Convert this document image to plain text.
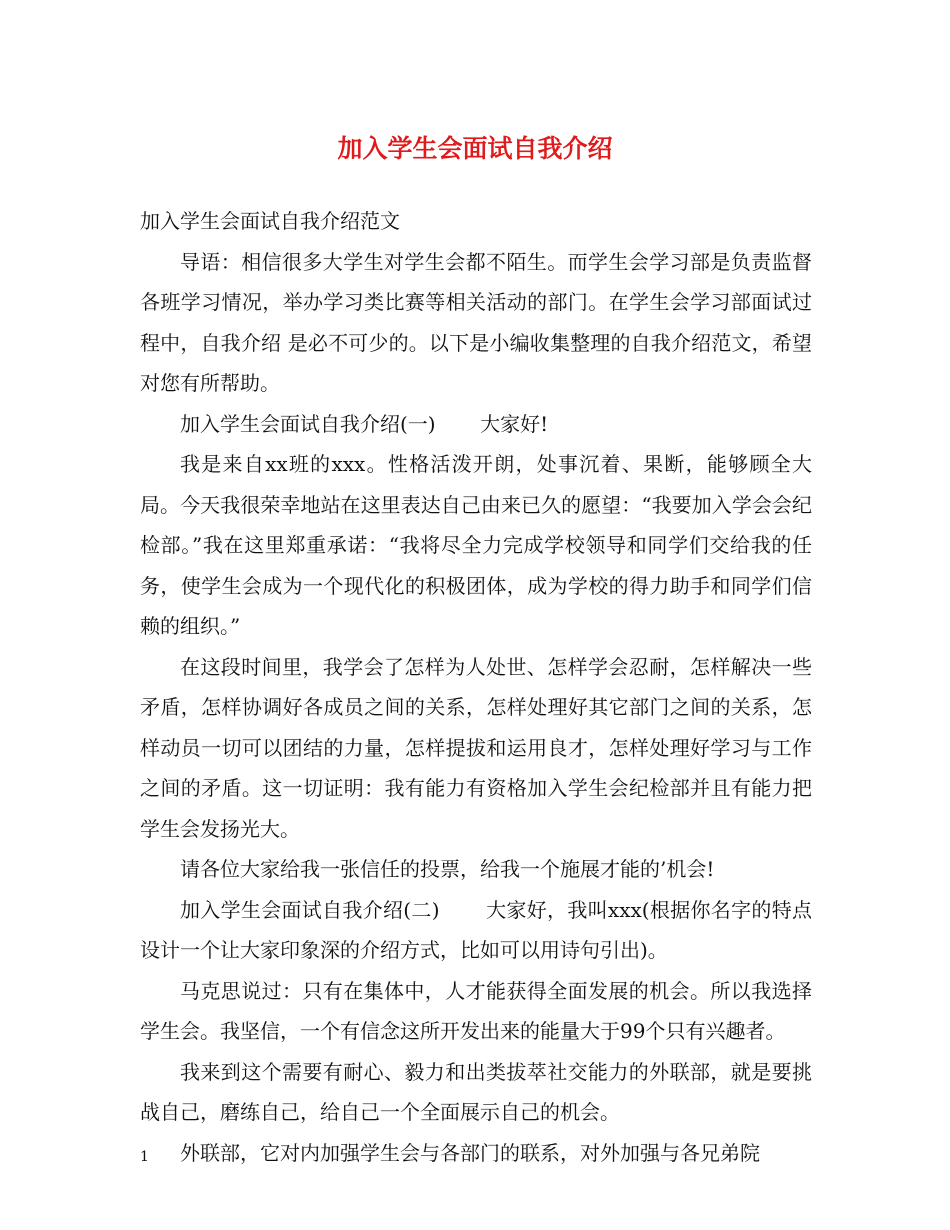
加入学生会面试自我介绍

加入学生会面试自我介绍范文

导语：相信很多大学生对学生会都不陌生。而学生会学习部是负责监督各班学习情况，举办学习类比赛等相关活动的部门。在学生会学习部面试过程中，自我介绍 是必不可少的。以下是小编收集整理的自我介绍范文，希望对您有所帮助。

加入学生会面试自我介绍(一) 大家好!

我是来自xx班的xxx。性格活泼开朗，处事沉着、果断，能够顾全大局。今天我很荣幸地站在这里表达自己由来已久的愿望：“我要加入学会会纪检部。”我在这里郑重承诺：“我将尽全力完成学校领导和同学们交给我的任务，使学生会成为一个现代化的积极团体，成为学校的得力助手和同学们信赖的组织。”

在这段时间里，我学会了怎样为人处世、怎样学会忍耐，怎样解决一些矛盾，怎样协调好各成员之间的关系，怎样处理好其它部门之间的关系，怎样动员一切可以团结的力量，怎样提拔和运用良才，怎样处理好学习与工作之间的矛盾。这一切证明：我有能力有资格加入学生会纪检部并且有能力把学生会发扬光大。

请各位大家给我一张信任的投票，给我一个施展才能的’机会!

加入学生会面试自我介绍(二) 大家好，我叫xxx(根据你名字的特点设计一个让大家印象深的介绍方式，比如可以用诗句引出)。

马克思说过：只有在集体中，人才能获得全面发展的机会。所以我选择学生会。我坚信，一个有信念这所开发出来的能量大于99个只有兴趣者。

我来到这个需要有耐心、毅力和出类拔萃社交能力的外联部，就是要挑战自己，磨练自己，给自己一个全面展示自己的机会。

外联部，它对内加强学生会与各部门的联系，对外加强与各兄弟院

1
